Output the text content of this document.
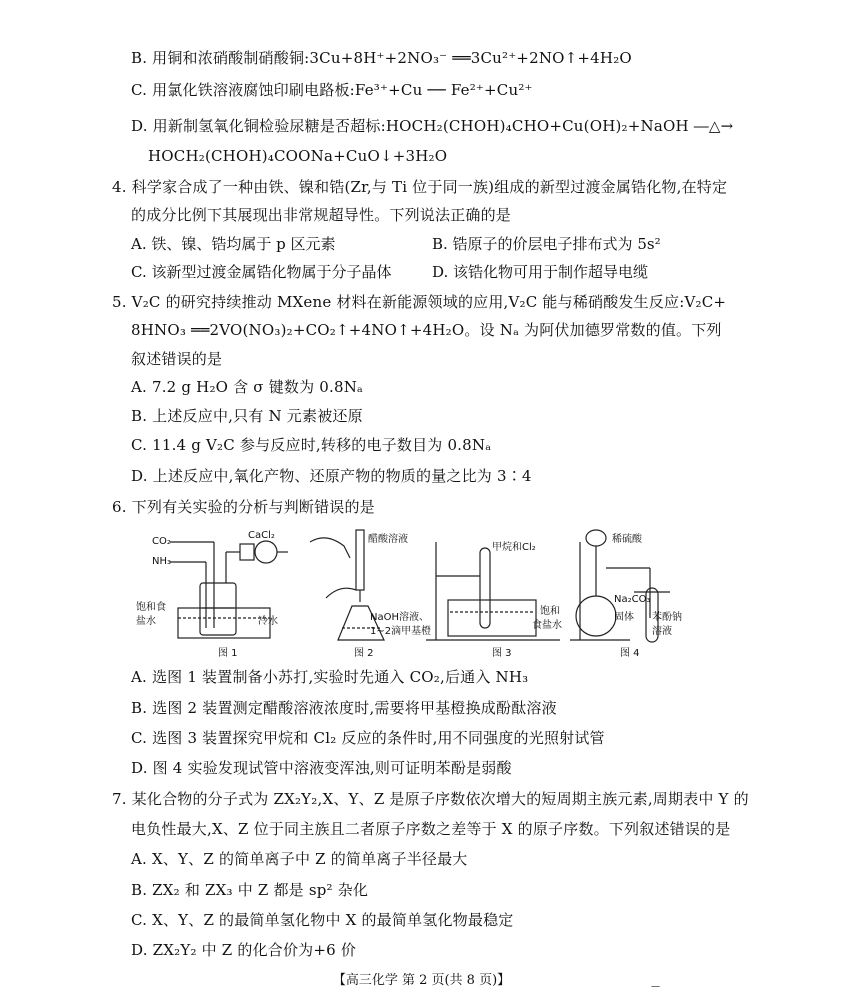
B. 用铜和浓硝酸制硝酸铜:3Cu+8H⁺+2NO₃⁻ ══3Cu²⁺+2NO↑+4H₂O
C. 用氯化铁溶液腐蚀印刷电路板:Fe³⁺+Cu ── Fe²⁺+Cu²⁺
D. 用新制氢氧化铜检验尿糖是否超标:HOCH₂(CHOH)₄CHO+Cu(OH)₂+NaOH ―△→
HOCH₂(CHOH)₄COONa+CuO↓+3H₂O
4. 科学家合成了一种由铁、镍和锆(Zr,与 Ti 位于同一族)组成的新型过渡金属锆化物,在特定
的成分比例下其展现出非常规超导性。下列说法正确的是
A. 铁、镍、锆均属于 p 区元素	B. 锆原子的价层电子排布式为 5s²
C. 该新型过渡金属锆化物属于分子晶体	D. 该锆化物可用于制作超导电缆
5. V₂C 的研究持续推动 MXene 材料在新能源领域的应用,V₂C 能与稀硝酸发生反应:V₂C+
8HNO₃ ══2VO(NO₃)₂+CO₂↑+4NO↑+4H₂O。设 Nₐ 为阿伏加德罗常数的值。下列
叙述错误的是
A. 7.2 g H₂O 含 σ 键数为 0.8Nₐ
B. 上述反应中,只有 N 元素被还原
C. 11.4 g V₂C 参与反应时,转移的电子数目为 0.8Nₐ
D. 上述反应中,氧化产物、还原产物的物质的量之比为 3∶4
6. 下列有关实验的分析与判断错误的是
CO₂
NH₃
CaCl₂
饱和食
盐水	冷水
图 1
醋酸溶液
NaOH溶液、
1~2滴甲基橙
图 2
甲烷和Cl₂
饱和
食盐水
图 3
稀硫酸
Na₂CO₃
固体 苯酚钠
溶液
图 4
A. 选图 1 装置制备小苏打,实验时先通入 CO₂,后通入 NH₃
B. 选图 2 装置测定醋酸溶液浓度时,需要将甲基橙换成酚酞溶液
C. 选图 3 装置探究甲烷和 Cl₂ 反应的条件时,用不同强度的光照射试管
D. 图 4 实验发现试管中溶液变浑浊,则可证明苯酚是弱酸
7. 某化合物的分子式为 ZX₂Y₂,X、Y、Z 是原子序数依次增大的短周期主族元素,周期表中 Y 的
电负性最大,X、Z 位于同主族且二者原子序数之差等于 X 的原子序数。下列叙述错误的是
A. X、Y、Z 的简单离子中 Z 的简单离子半径最大
B. ZX₂ 和 ZX₃ 中 Z 都是 sp² 杂化
C. X、Y、Z 的最简单氢化物中 X 的最简单氢化物最稳定
D. ZX₂Y₂ 中 Z 的化合价为+6 价
【高三化学 第 2 页(共 8 页)】	—
